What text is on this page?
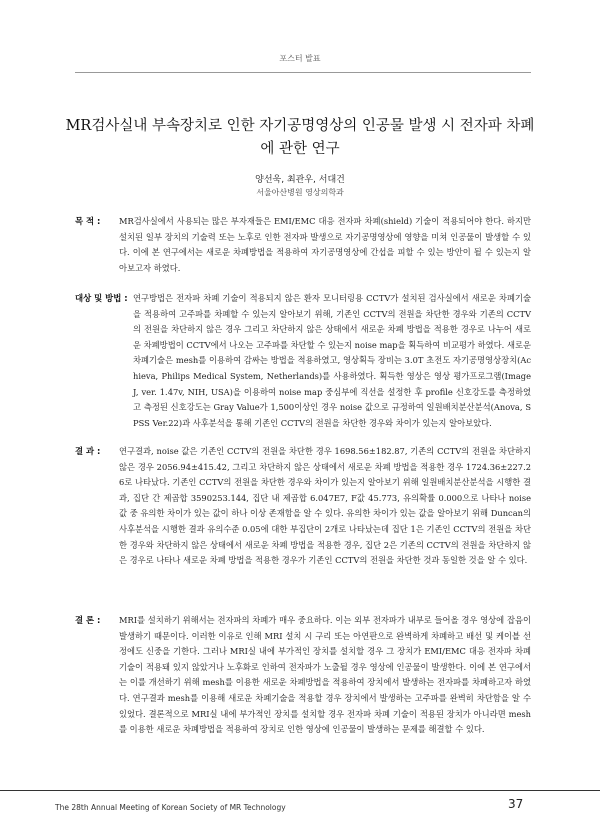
포스터 발표
MR검사실내 부속장치로 인한 자기공명영상의 인공물 발생 시 전자파 차폐에 관한 연구
양선욱, 최관우, 서대건
서울아산병원 영상의학과
목 적 :	MR검사실에서 사용되는 많은 부자재들은 EMI/EMC 대응 전자파 차폐(shield) 기술이 적용되어야 한다. 하지만 설치된 일부 장치의 기술력 또는 노후로 인한 전자파 발생으로 자기공명영상에 영향을 미쳐 인공물이 발생할 수 있다. 이에 본 연구에서는 새로운 차폐방법을 적용하여 자기공명영상에 간섭을 피할 수 있는 방안이 될 수 있는지 알아보고자 하였다.
대상 및 방법 : 연구방법은 전자파 차폐 기술이 적용되지 않은 환자 모니터링용 CCTV가 설치된 검사실에서 새로운 차폐기술을 적용하여 고주파를 차폐할 수 있는지 알아보기 위해, 기존인 CCTV의 전원을 차단한 경우와 기존의 CCTV의 전원을 차단하지 않은 경우 그리고 차단하지 않은 상태에서 새로운 차폐 방법을 적용한 경우로 나누어 새로운 차폐방법이 CCTV에서 나오는 고주파를 차단할 수 있는지 noise map을 획득하여 비교평가 하였다. 새로운 차폐기술은 mesh를 이용하여 감싸는 방법을 적용하였고, 영상획득 장비는 3.0T 초전도 자기공명영상장치(Achieva, Philips Medical System, Netherlands)를 사용하였다. 획득한 영상은 영상 평가프로그램(Image J, ver. 1.47v, NIH, USA)을 이용하여 noise map 중심부에 직선을 설정한 후 profile 신호강도를 측정하였고 측정된 신호강도는 Gray Value가 1,500이상인 경우 noise 값으로 규정하여 일원배치분산분석(Anova, SPSS Ver.22)과 사후분석을 통해 기존인 CCTV의 전원을 차단한 경우와 차이가 있는지 알아보았다.
결 과 :	연구결과, noise 값은 기존인 CCTV의 전원을 차단한 경우 1698.56±182.87, 기존의 CCTV의 전원을 차단하지 않은 경우 2056.94±415.42, 그리고 차단하지 않은 상태에서 새로운 차폐 방법을 적용한 경우 1724.36±227.26로 나타났다. 기존인 CCTV의 전원을 차단한 경우와 차이가 있는지 알아보기 위해 일원배치분산분석을 시행한 결과, 집단 간 제곱합 3590253.144, 집단 내 제곱합 6.047E7, F값 45.773, 유의확률 0.000으로 나타나 noise 값 중 유의한 차이가 있는 값이 하나 이상 존재함을 알 수 있다. 유의한 차이가 있는 값을 알아보기 위해 Duncan의 사후분석을 시행한 결과 유의수준 0.05에 대한 부집단이 2개로 나타났는데 집단 1은 기존인 CCTV의 전원을 차단한 경우와 차단하지 않은 상태에서 새로운 차폐 방법을 적용한 경우, 집단 2은 기존의 CCTV의 전원을 차단하지 않은 경우로 나타나 새로운 차폐 방법을 적용한 경우가 기존인 CCTV의 전원을 차단한 것과 동일한 것을 알 수 있다.
결 론 :	MRI를 설치하기 위해서는 전자파의 차폐가 매우 중요하다. 이는 외부 전자파가 내부로 들어올 경우 영상에 잡음이 발생하기 때문이다. 이러한 이유로 인해 MRI 설치 시 구리 또는 아연판으로 완벽하게 차폐하고 배선 및 케이블 선정에도 신중을 기한다. 그러나 MRI실 내에 부가적인 장치를 설치할 경우 그 장치가 EMI/EMC 대응 전자파 차폐 기술이 적용돼 있지 않았거나 노후화로 인하여 전자파가 노출될 경우 영상에 인공물이 발생한다. 이에 본 연구에서는 이를 개선하기 위해 mesh를 이용한 새로운 차폐방법을 적용하여 장치에서 발생하는 전자파를 차폐하고자 하였다. 연구결과 mesh를 이용해 새로운 차폐기술을 적용할 경우 장치에서 발생하는 고주파를 완벽히 차단함을 알 수 있었다. 결론적으로 MRI실 내에 부가적인 장치를 설치할 경우 전자파 차폐 기술이 적용된 장치가 아니라면 mesh를 이용한 새로운 차폐방법을 적용하여 장치로 인한 영상에 인공물이 발생하는 문제를 해결할 수 있다.
The 28th Annual Meeting of Korean Society of MR Technology	37
